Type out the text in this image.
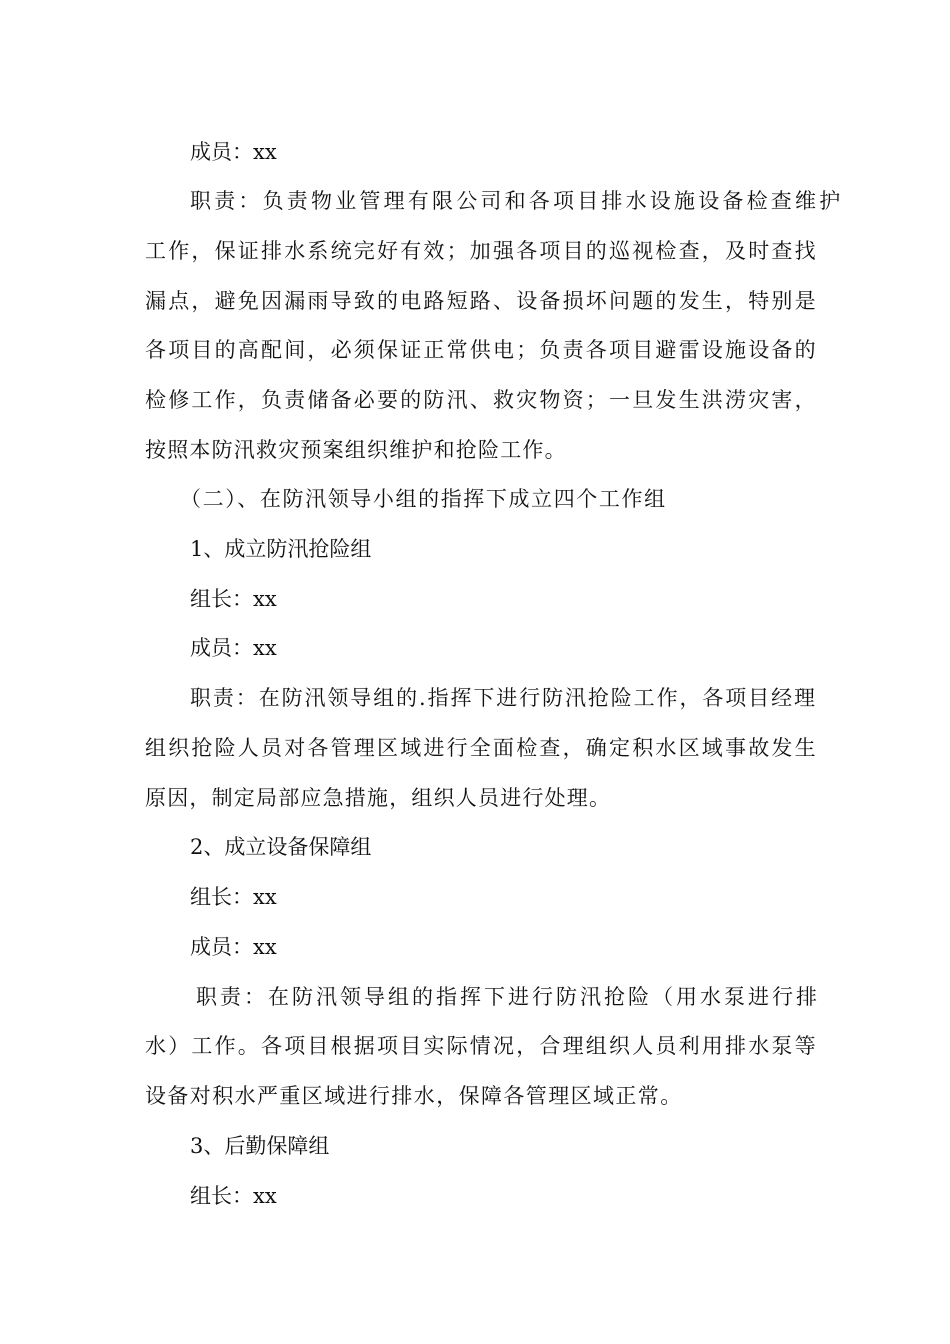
成员：xx

职责：负责物业管理有限公司和各项目排水设施设备检查维护

工作，保证排水系统完好有效；加强各项目的巡视检查，及时查找

漏点，避免因漏雨导致的电路短路、设备损坏问题的发生，特别是

各项目的高配间，必须保证正常供电；负责各项目避雷设施设备的

检修工作，负责储备必要的防汛、救灾物资；一旦发生洪涝灾害，

按照本防汛救灾预案组织维护和抢险工作。

（二）、在防汛领导小组的指挥下成立四个工作组

1、成立防汛抢险组

组长：xx

成员：xx

职责：在防汛领导组的.指挥下进行防汛抢险工作，各项目经理

组织抢险人员对各管理区域进行全面检查，确定积水区域事故发生

原因，制定局部应急措施，组织人员进行处理。

2、成立设备保障组

组长：xx

成员：xx

职责：在防汛领导组的指挥下进行防汛抢险（用水泵进行排

水）工作。各项目根据项目实际情况，合理组织人员利用排水泵等

设备对积水严重区域进行排水，保障各管理区域正常。

3、后勤保障组

组长：xx
